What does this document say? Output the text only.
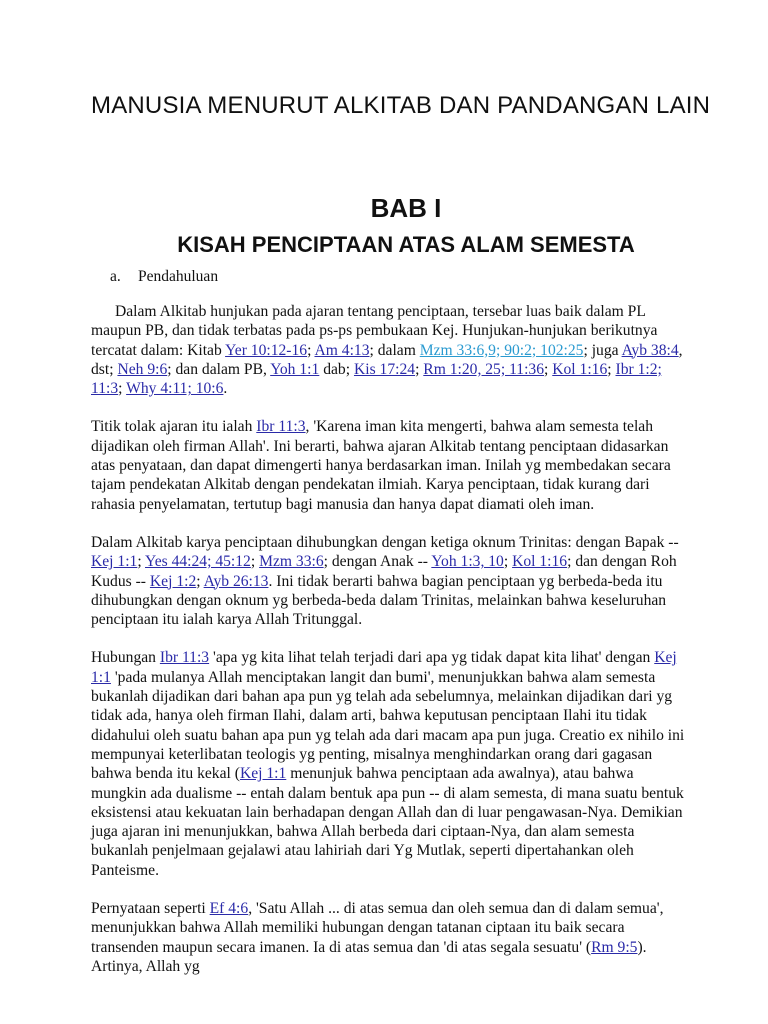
MANUSIA MENURUT ALKITAB DAN PANDANGAN LAIN
BAB I
KISAH PENCIPTAAN ATAS ALAM SEMESTA
a. Pendahuluan

Dalam Alkitab hunjukan pada ajaran tentang penciptaan, tersebar luas baik dalam PL maupun PB, dan tidak terbatas pada ps-ps pembukaan Kej. Hunjukan-hunjukan berikutnya tercatat dalam: Kitab Yer 10:12-16; Am 4:13; dalam Mzm 33:6,9; 90:2; 102:25; juga Ayb 38:4, dst; Neh 9:6; dan dalam PB, Yoh 1:1 dab; Kis 17:24; Rm 1:20, 25; 11:36; Kol 1:16; Ibr 1:2; 11:3; Why 4:11; 10:6.

Titik tolak ajaran itu ialah Ibr 11:3, 'Karena iman kita mengerti, bahwa alam semesta telah dijadikan oleh firman Allah'. Ini berarti, bahwa ajaran Alkitab tentang penciptaan didasarkan atas penyataan, dan dapat dimengerti hanya berdasarkan iman. Inilah yg membedakan secara tajam pendekatan Alkitab dengan pendekatan ilmiah. Karya penciptaan, tidak kurang dari rahasia penyelamatan, tertutup bagi manusia dan hanya dapat diamati oleh iman.

Dalam Alkitab karya penciptaan dihubungkan dengan ketiga oknum Trinitas: dengan Bapak -- Kej 1:1; Yes 44:24; 45:12; Mzm 33:6; dengan Anak -- Yoh 1:3, 10; Kol 1:16; dan dengan Roh Kudus -- Kej 1:2; Ayb 26:13. Ini tidak berarti bahwa bagian penciptaan yg berbeda-beda itu dihubungkan dengan oknum yg berbeda-beda dalam Trinitas, melainkan bahwa keseluruhan penciptaan itu ialah karya Allah Tritunggal.

Hubungan Ibr 11:3 'apa yg kita lihat telah terjadi dari apa yg tidak dapat kita lihat' dengan Kej 1:1 'pada mulanya Allah menciptakan langit dan bumi', menunjukkan bahwa alam semesta bukanlah dijadikan dari bahan apa pun yg telah ada sebelumnya, melainkan dijadikan dari yg tidak ada, hanya oleh firman Ilahi, dalam arti, bahwa keputusan penciptaan Ilahi itu tidak didahului oleh suatu bahan apa pun yg telah ada dari macam apa pun juga. Creatio ex nihilo ini mempunyai keterlibatan teologis yg penting, misalnya menghindarkan orang dari gagasan bahwa benda itu kekal (Kej 1:1 menunjuk bahwa penciptaan ada awalnya), atau bahwa mungkin ada dualisme -- entah dalam bentuk apa pun -- di alam semesta, di mana suatu bentuk eksistensi atau kekuatan lain berhadapan dengan Allah dan di luar pengawasan-Nya. Demikian juga ajaran ini menunjukkan, bahwa Allah berbeda dari ciptaan-Nya, dan alam semesta bukanlah penjelmaan gejalawi atau lahiriah dari Yg Mutlak, seperti dipertahankan oleh Panteisme.

Pernyataan seperti Ef 4:6, 'Satu Allah ... di atas semua dan oleh semua dan di dalam semua', menunjukkan bahwa Allah memiliki hubungan dengan tatanan ciptaan itu baik secara transenden maupun secara imanen. Ia di atas semua dan 'di atas segala sesuatu' (Rm 9:5). Artinya, Allah yg
